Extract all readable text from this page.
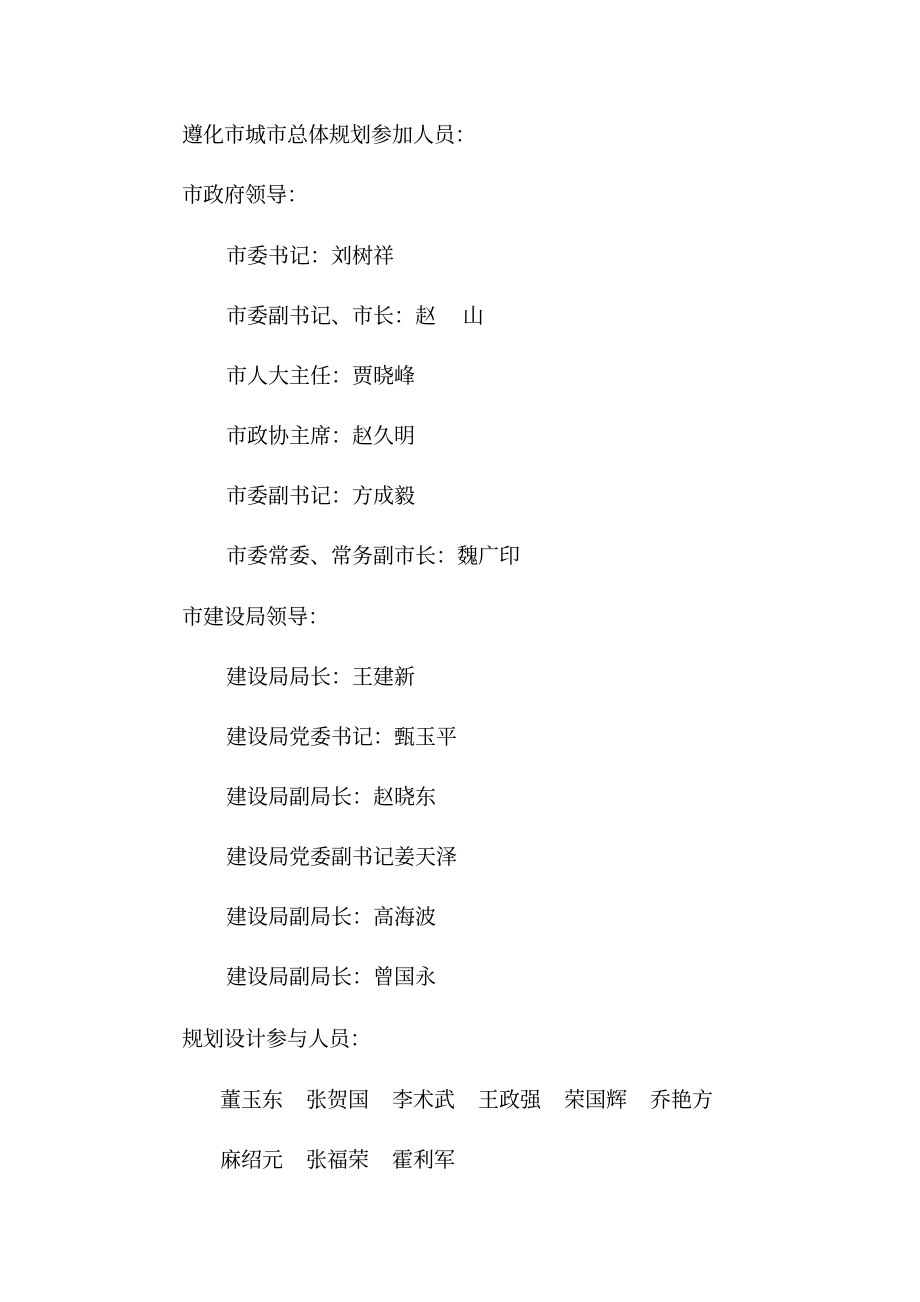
遵化市城市总体规划参加人员：
市政府领导：
市委书记：刘树祥
市委副书记、市长：赵    山
市人大主任：贾晓峰
市政协主席：赵久明
市委副书记：方成毅
市委常委、常务副市长：魏广印
市建设局领导：
建设局局长：王建新
建设局党委书记：甄玉平
建设局副局长：赵晓东
建设局党委副书记姜天泽
建设局副局长：高海波
建设局副局长：曾国永
规划设计参与人员：
董玉东 张贺国 李术武 王政强 荣国辉 乔艳方
麻绍元 张福荣 霍利军
